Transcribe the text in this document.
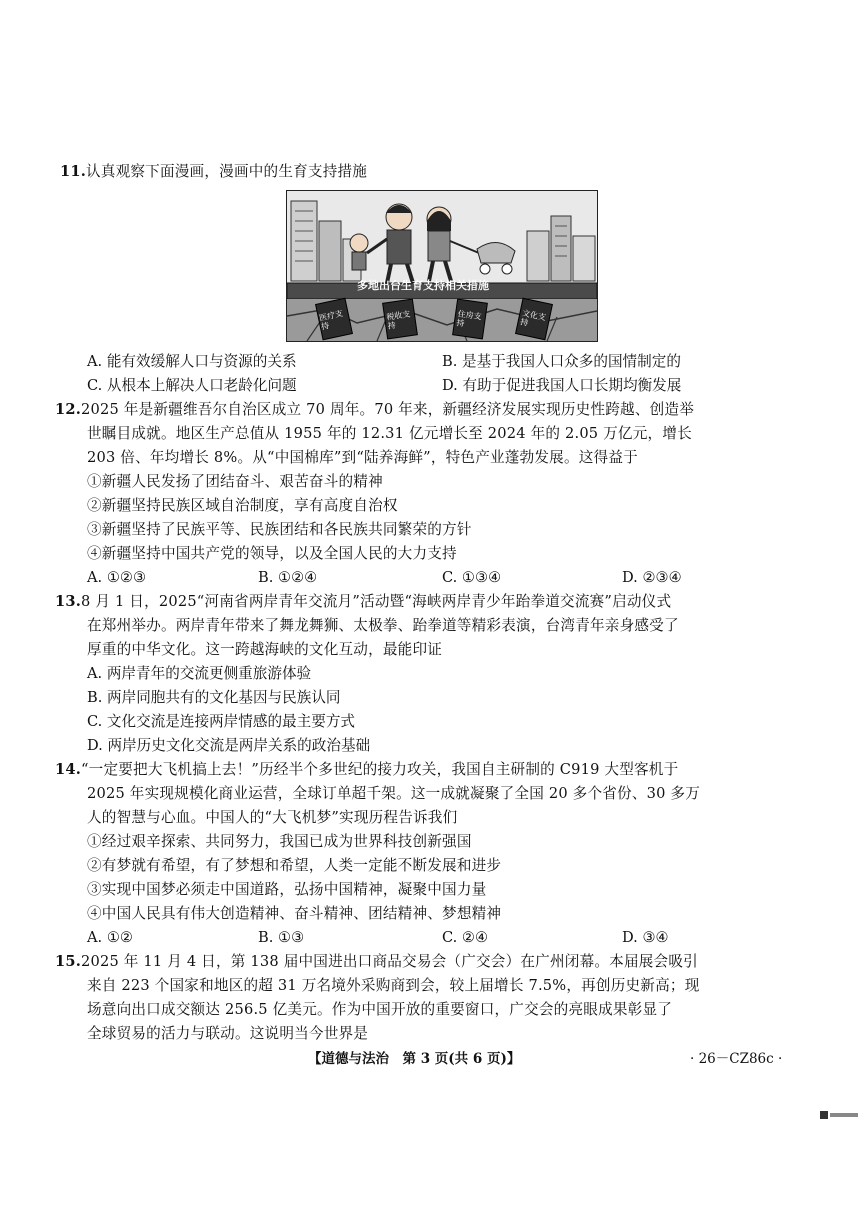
11.认真观察下面漫画，漫画中的生育支持措施
多地出台生育支持相关措施
医疗支持
税收支持
住房支持
文化支持
A. 能有效缓解人口与资源的关系	B. 是基于我国人口众多的国情制定的
C. 从根本上解决人口老龄化问题	D. 有助于促进我国人口长期均衡发展
12.2025 年是新疆维吾尔自治区成立 70 周年。70 年来，新疆经济发展实现历史性跨越、创造举
世瞩目成就。地区生产总值从 1955 年的 12.31 亿元增长至 2024 年的 2.05 万亿元，增长
203 倍、年均增长 8%。从“中国棉库”到“陆养海鲜”，特色产业蓬勃发展。这得益于
①新疆人民发扬了团结奋斗、艰苦奋斗的精神
②新疆坚持民族区域自治制度，享有高度自治权
③新疆坚持了民族平等、民族团结和各民族共同繁荣的方针
④新疆坚持中国共产党的领导，以及全国人民的大力支持
A. ①②③	B. ①②④	C. ①③④	D. ②③④
13.8 月 1 日，2025“河南省两岸青年交流月”活动暨“海峡两岸青少年跆拳道交流赛”启动仪式
在郑州举办。两岸青年带来了舞龙舞狮、太极拳、跆拳道等精彩表演，台湾青年亲身感受了
厚重的中华文化。这一跨越海峡的文化互动，最能印证
A. 两岸青年的交流更侧重旅游体验
B. 两岸同胞共有的文化基因与民族认同
C. 文化交流是连接两岸情感的最主要方式
D. 两岸历史文化交流是两岸关系的政治基础
14.“一定要把大飞机搞上去！”历经半个多世纪的接力攻关，我国自主研制的 C919 大型客机于
2025 年实现规模化商业运营，全球订单超千架。这一成就凝聚了全国 20 多个省份、30 多万
人的智慧与心血。中国人的“大飞机梦”实现历程告诉我们
①经过艰辛探索、共同努力，我国已成为世界科技创新强国
②有梦就有希望，有了梦想和希望，人类一定能不断发展和进步
③实现中国梦必须走中国道路，弘扬中国精神，凝聚中国力量
④中国人民具有伟大创造精神、奋斗精神、团结精神、梦想精神
A. ①②	B. ①③	C. ②④	D. ③④
15.2025 年 11 月 4 日，第 138 届中国进出口商品交易会（广交会）在广州闭幕。本届展会吸引
来自 223 个国家和地区的超 31 万名境外采购商到会，较上届增长 7.5%，再创历史新高；现
场意向出口成交额达 256.5 亿美元。作为中国开放的重要窗口，广交会的亮眼成果彰显了
全球贸易的活力与联动。这说明当今世界是
【道德与法治　第 3 页(共 6 页)】	· 26－CZ86c ·
